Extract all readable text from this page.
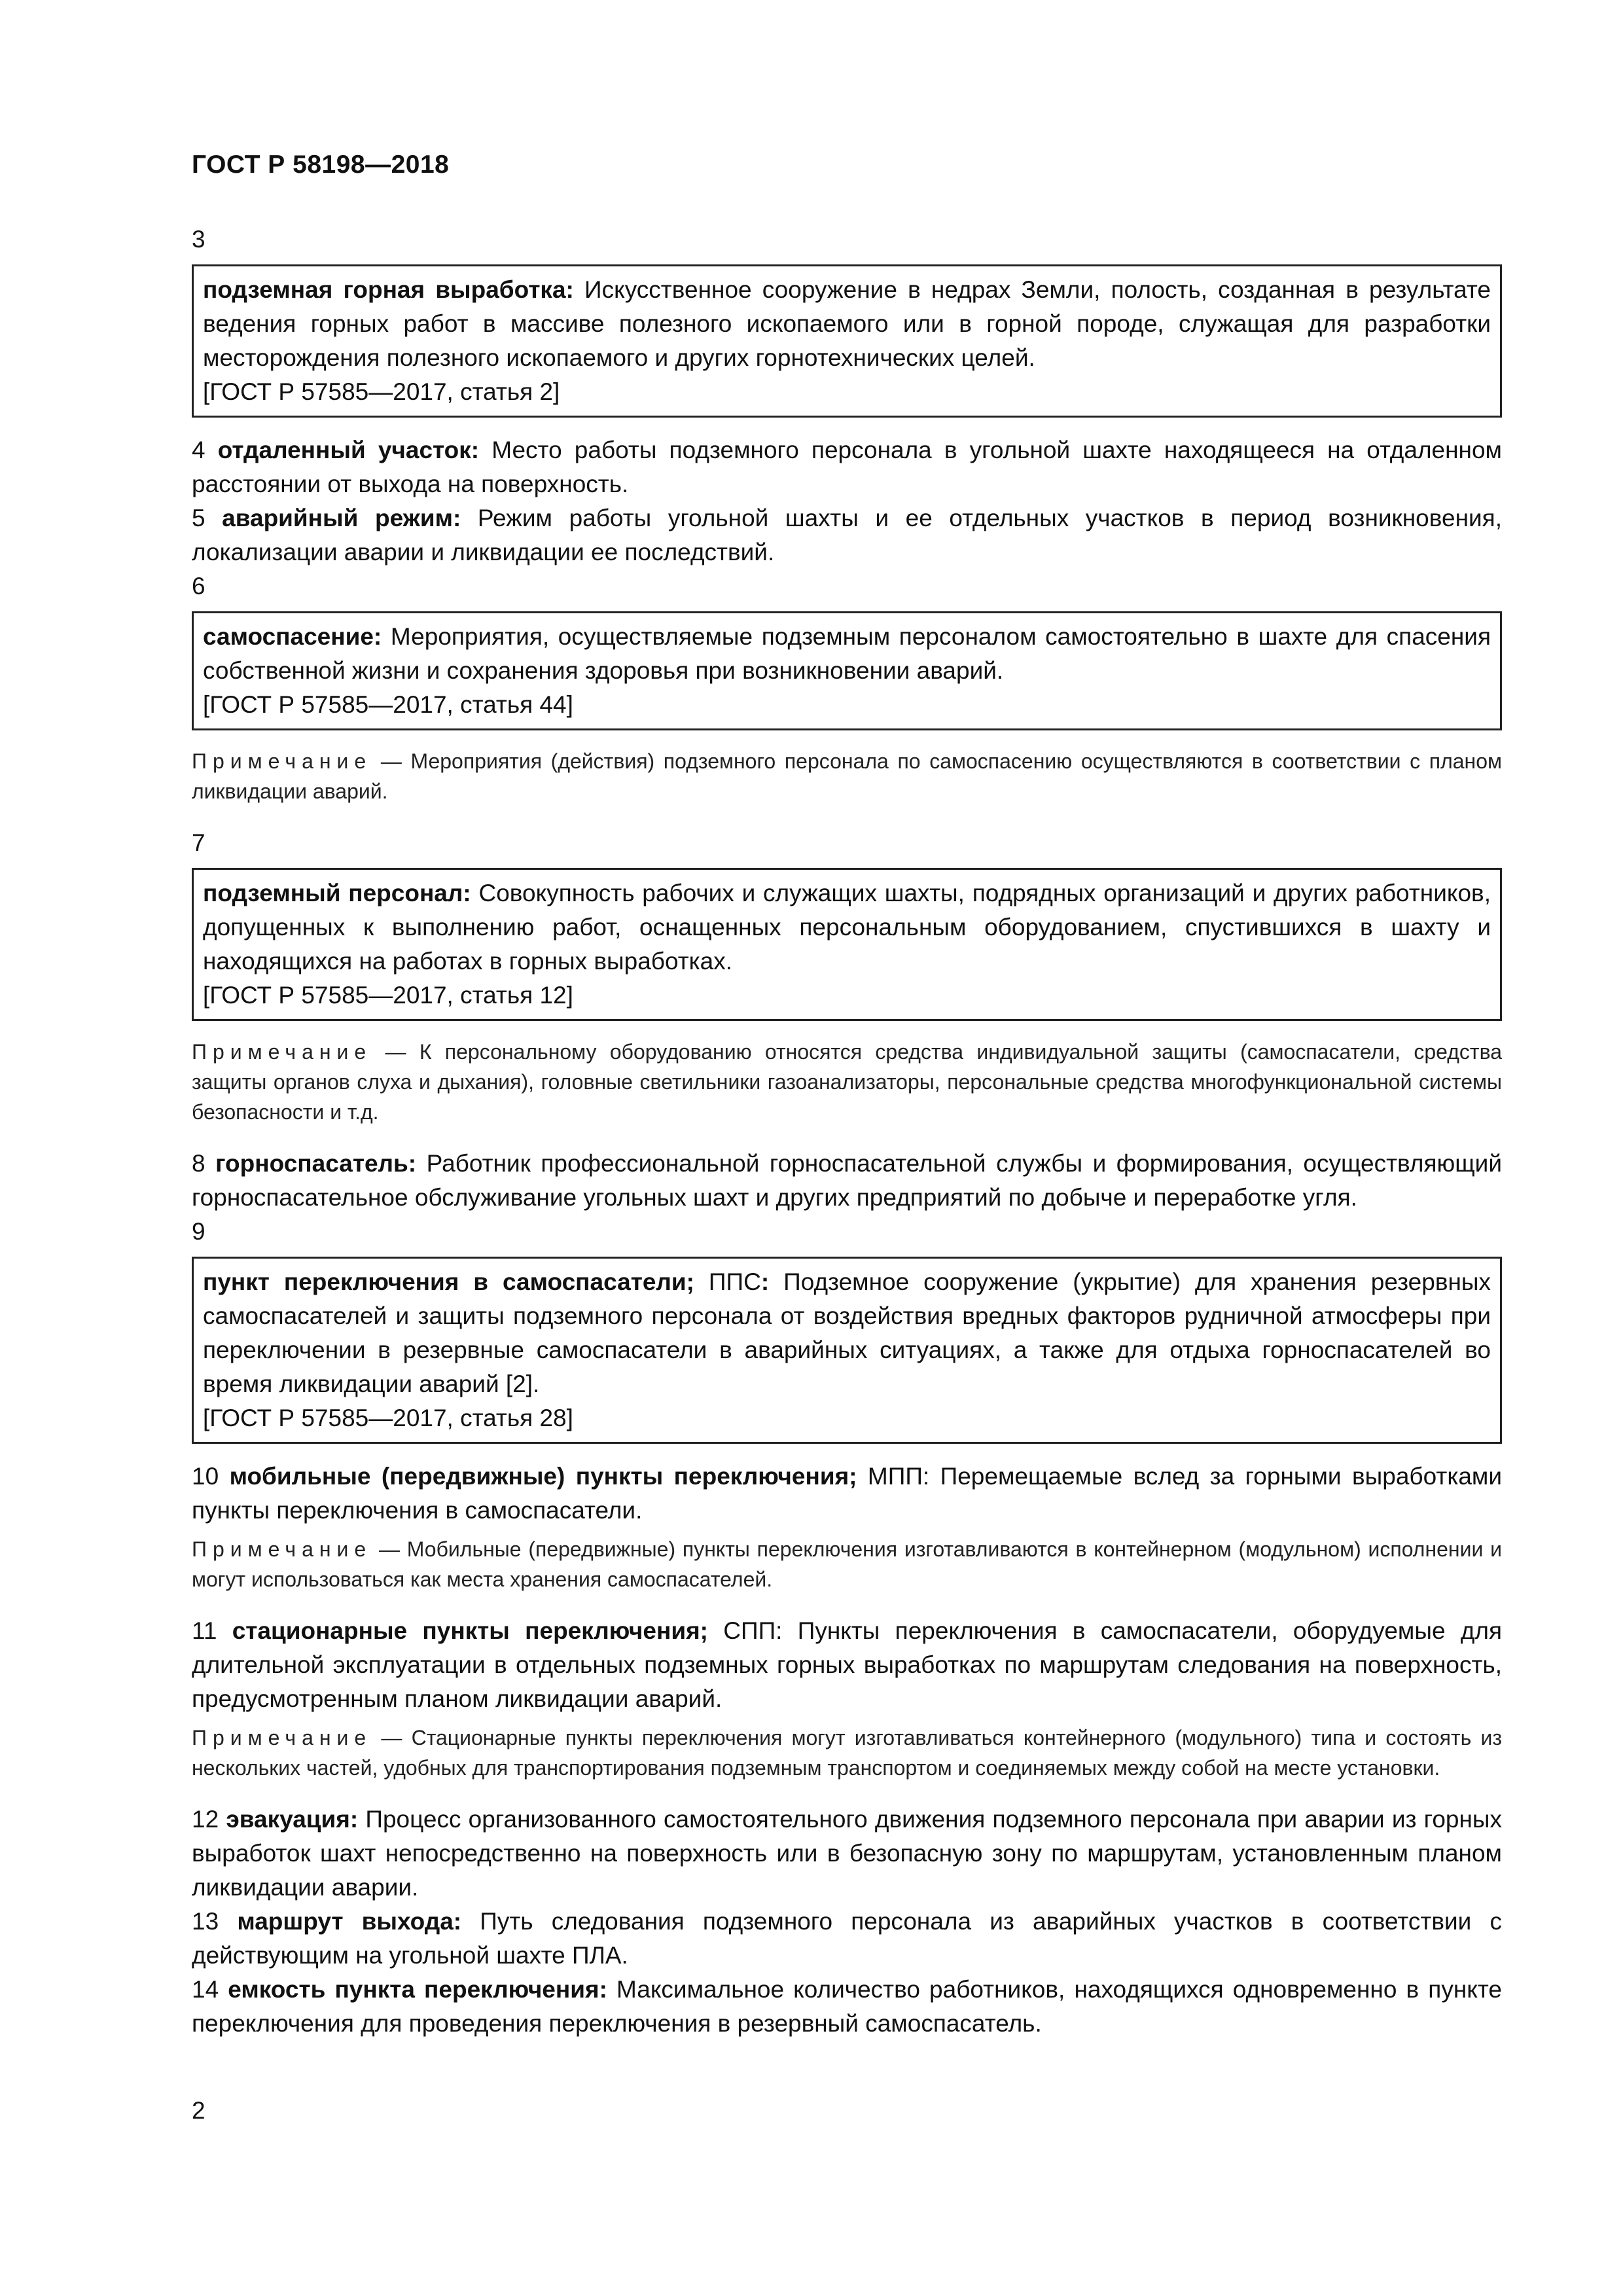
ГОСТ Р 58198—2018

3

подземная горная выработка: Искусственное сооружение в недрах Земли, полость, созданная в результате ведения горных работ в массиве полезного ископаемого или в горной породе, служащая для разработки месторождения полезного ископаемого и других горнотехнических целей.

[ГОСТ Р 57585—2017, статья 2]

4 отдаленный участок: Место работы подземного персонала в угольной шахте находящееся на отдаленном расстоянии от выхода на поверхность.

5 аварийный режим: Режим работы угольной шахты и ее отдельных участков в период возникновения, локализации аварии и ликвидации ее последствий.

6

самоспасение: Мероприятия, осуществляемые подземным персоналом самостоятельно в шахте для спасения собственной жизни и сохранения здоровья при возникновении аварий.

[ГОСТ Р 57585—2017, статья 44]

Примечание — Мероприятия (действия) подземного персонала по самоспасению осуществляются в соответствии с планом ликвидации аварий.

7

подземный персонал: Совокупность рабочих и служащих шахты, подрядных организаций и других работников, допущенных к выполнению работ, оснащенных персональным оборудованием, спустившихся в шахту и находящихся на работах в горных выработках.

[ГОСТ Р 57585—2017, статья 12]

Примечание — К персональному оборудованию относятся средства индивидуальной защиты (самоспасатели, средства защиты органов слуха и дыхания), головные светильники газоанализаторы, персональные средства многофункциональной системы безопасности и т.д.

8 горноспасатель: Работник профессиональной горноспасательной службы и формирования, осуществляющий горноспасательное обслуживание угольных шахт и других предприятий по добыче и переработке угля.

9

пункт переключения в самоспасатели; ППС: Подземное сооружение (укрытие) для хранения резервных самоспасателей и защиты подземного персонала от воздействия вредных факторов рудничной атмосферы при переключении в резервные самоспасатели в аварийных ситуациях, а также для отдыха горноспасателей во время ликвидации аварий [2].

[ГОСТ Р 57585—2017, статья 28]

10 мобильные (передвижные) пункты переключения; МПП: Перемещаемые вслед за горными выработками пункты переключения в самоспасатели.

Примечание — Мобильные (передвижные) пункты переключения изготавливаются в контейнерном (модульном) исполнении и могут использоваться как места хранения самоспасателей.

11 стационарные пункты переключения; СПП: Пункты переключения в самоспасатели, оборудуемые для длительной эксплуатации в отдельных подземных горных выработках по маршрутам следования на поверхность, предусмотренным планом ликвидации аварий.

Примечание — Стационарные пункты переключения могут изготавливаться контейнерного (модульного) типа и состоять из нескольких частей, удобных для транспортирования подземным транспортом и соединяемых между собой на месте установки.

12 эвакуация: Процесс организованного самостоятельного движения подземного персонала при аварии из горных выработок шахт непосредственно на поверхность или в безопасную зону по маршрутам, установленным планом ликвидации аварии.

13 маршрут выхода: Путь следования подземного персонала из аварийных участков в соответствии с действующим на угольной шахте ПЛА.

14 емкость пункта переключения: Максимальное количество работников, находящихся одновременно в пункте переключения для проведения переключения в резервный самоспасатель.

2
